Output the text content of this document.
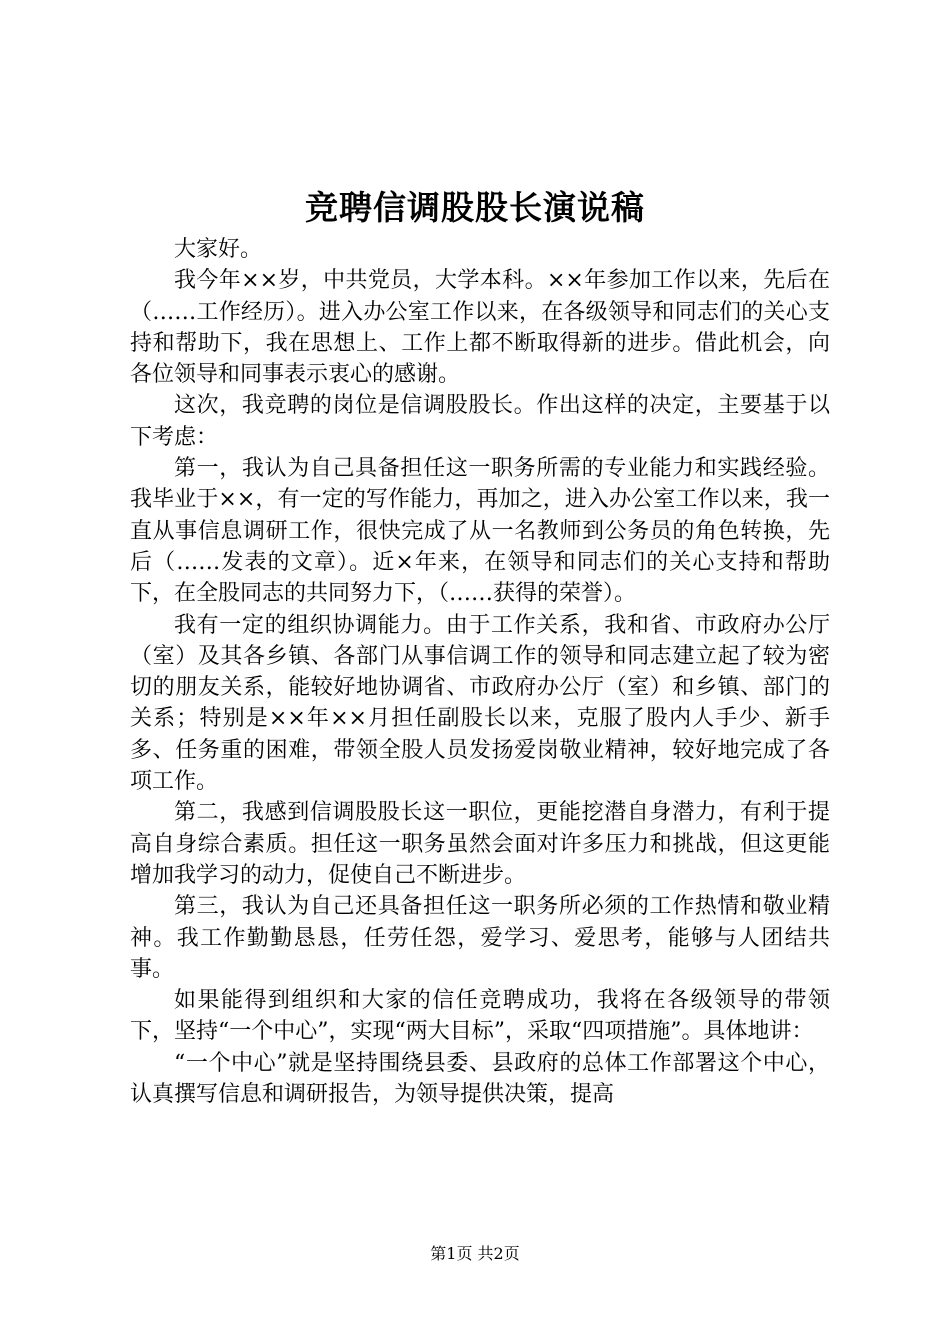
竞聘信调股股长演说稿

大家好。

我今年××岁，中共党员，大学本科。××年参加工作以来，先后在（……工作经历）。进入办公室工作以来，在各级领导和同志们的关心支持和帮助下，我在思想上、工作上都不断取得新的进步。借此机会，向各位领导和同事表示衷心的感谢。

这次，我竞聘的岗位是信调股股长。作出这样的决定，主要基于以下考虑：

第一，我认为自己具备担任这一职务所需的专业能力和实践经验。我毕业于××，有一定的写作能力，再加之，进入办公室工作以来，我一直从事信息调研工作，很快完成了从一名教师到公务员的角色转换，先后（……发表的文章）。近×年来，在领导和同志们的关心支持和帮助下，在全股同志的共同努力下，（……获得的荣誉）。

我有一定的组织协调能力。由于工作关系，我和省、市政府办公厅（室）及其各乡镇、各部门从事信调工作的领导和同志建立起了较为密切的朋友关系，能较好地协调省、市政府办公厅（室）和乡镇、部门的关系；特别是××年××月担任副股长以来，克服了股内人手少、新手多、任务重的困难，带领全股人员发扬爱岗敬业精神，较好地完成了各项工作。

第二，我感到信调股股长这一职位，更能挖潜自身潜力，有利于提高自身综合素质。担任这一职务虽然会面对许多压力和挑战，但这更能增加我学习的动力，促使自己不断进步。

第三，我认为自己还具备担任这一职务所必须的工作热情和敬业精神。我工作勤勤恳恳，任劳任怨，爱学习、爱思考，能够与人团结共事。

如果能得到组织和大家的信任竞聘成功，我将在各级领导的带领下，坚持“一个中心”，实现“两大目标”，采取“四项措施”。具体地讲：

“一个中心”就是坚持围绕县委、县政府的总体工作部署这个中心，认真撰写信息和调研报告，为领导提供决策，提高

第1页 共2页
